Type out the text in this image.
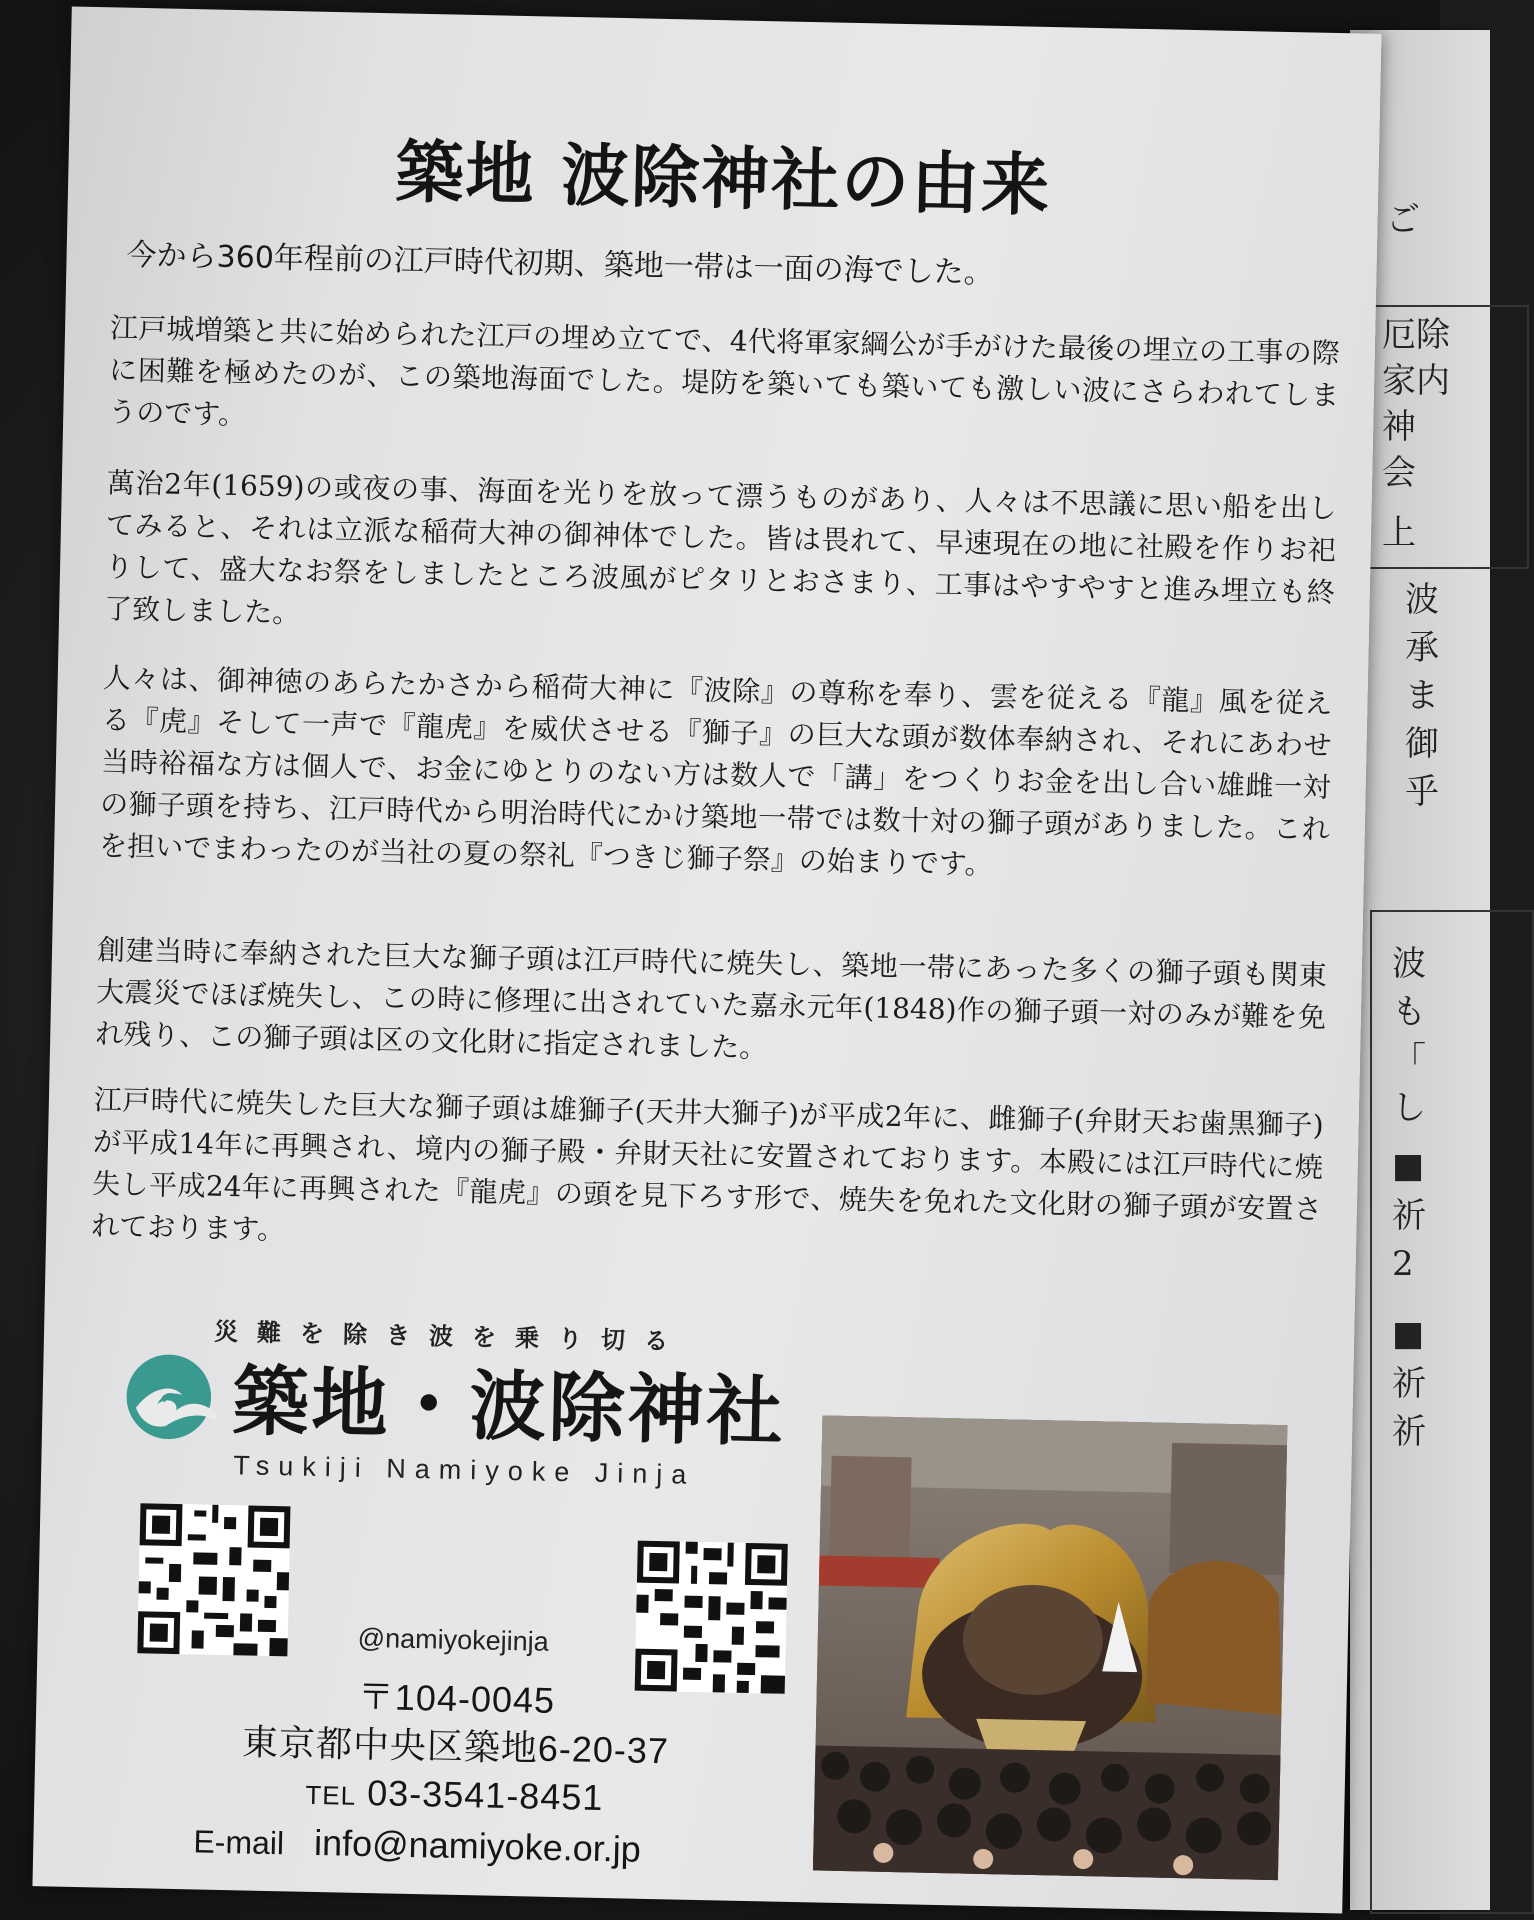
ご
厄除
家内
神
会
上
波
承
ま
御
乎
波
も
「
し
■
祈
2
■
祈
祈
築地 波除神社の由来
今から360年程前の江戸時代初期、築地一帯は一面の海でした。
江戸城増築と共に始められた江戸の埋め立てで、4代将軍家綱公が手がけた最後の埋立の工事の際に困難を極めたのが、この築地海面でした。堤防を築いても築いても激しい波にさらわれてしまうのです。
萬治2年(1659)の或夜の事、海面を光りを放って漂うものがあり、人々は不思議に思い船を出してみると、それは立派な稲荷大神の御神体でした。皆は畏れて、早速現在の地に社殿を作りお祀りして、盛大なお祭をしましたところ波風がピタリとおさまり、工事はやすやすと進み埋立も終了致しました。
人々は、御神徳のあらたかさから稲荷大神に『波除』の尊称を奉り、雲を従える『龍』風を従える『虎』そして一声で『龍虎』を威伏させる『獅子』の巨大な頭が数体奉納され、それにあわせ当時裕福な方は個人で、お金にゆとりのない方は数人で「講」をつくりお金を出し合い雄雌一対の獅子頭を持ち、江戸時代から明治時代にかけ築地一帯では数十対の獅子頭がありました。これを担いでまわったのが当社の夏の祭礼『つきじ獅子祭』の始まりです。
創建当時に奉納された巨大な獅子頭は江戸時代に焼失し、築地一帯にあった多くの獅子頭も関東大震災でほぼ焼失し、この時に修理に出されていた嘉永元年(1848)作の獅子頭一対のみが難を免れ残り、この獅子頭は区の文化財に指定されました。
江戸時代に焼失した巨大な獅子頭は雄獅子(天井大獅子)が平成2年に、雌獅子(弁財天お歯黒獅子)が平成14年に再興され、境内の獅子殿・弁財天社に安置されております。本殿には江戸時代に焼失し平成24年に再興された『龍虎』の頭を見下ろす形で、焼失を免れた文化財の獅子頭が安置されております。
災難を除き波を乗り切る
築地・波除神社
Tsukiji Namiyoke Jinja
@namiyokejinja
〒104-0045
東京都中央区築地6-20-37
TEL 03-3541-8451
E-mail info@namiyoke.or.jp
